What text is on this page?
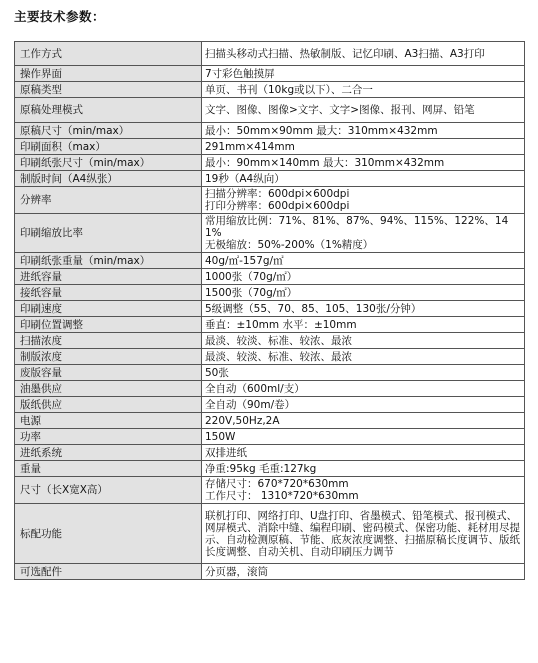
主要技术参数：
工作方式	扫描头移动式扫描、热敏制版、记忆印刷、A3扫描、A3打印

操作界面	7寸彩色触摸屏

原稿类型	单页、书刊（10kg或以下）、二合一

原稿处理模式	文字、图像、图像>文字、文字>图像、报刊、网屏、铅笔

原稿尺寸（min/max）	最小：50mm×90mm 最大：310mm×432mm

印刷面积（max）	291mm×414mm

印刷纸张尺寸（min/max）	最小：90mm×140mm 最大：310mm×432mm

制版时间（A4纵张）	19秒（A4纵向）

分辨率	扫描分辨率：600dpi×600dpi
打印分辨率：600dpi×600dpi

印刷缩放比率	常用缩放比例：71%、81%、87%、94%、115%、122%、141%
无极缩放：50%-200%（1%精度）

印刷纸张重量（min/max）	40g/㎡-157g/㎡

进纸容量	1000张（70g/㎡）

接纸容量	1500张（70g/㎡）

印刷速度	5级调整（55、70、85、105、130张/分钟）

印刷位置调整	垂直：±10mm 水平：±10mm

扫描浓度	最淡、较淡、标准、较浓、最浓

制版浓度	最淡、较淡、标准、较浓、最浓

废版容量	50张

油墨供应	全自动（600ml/支）

版纸供应	全自动（90m/卷）

电源	220V,50Hz,2A

功率	150W

进纸系统	双排进纸

重量	净重:95kg 毛重:127kg

尺寸（长X宽X高）	存储尺寸：670*720*630mm
工作尺寸： 1310*720*630mm

标配功能	联机打印、网络打印、U盘打印、省墨模式、铅笔模式、报刊模式、网屏模式、消除中缝、编程印刷、密码模式、保密功能、耗材用尽提示、自动检测原稿、节能、底灰浓度调整、扫描原稿长度调节、版纸长度调整、自动关机、自动印刷压力调节

可选配件	分页器，滚筒
